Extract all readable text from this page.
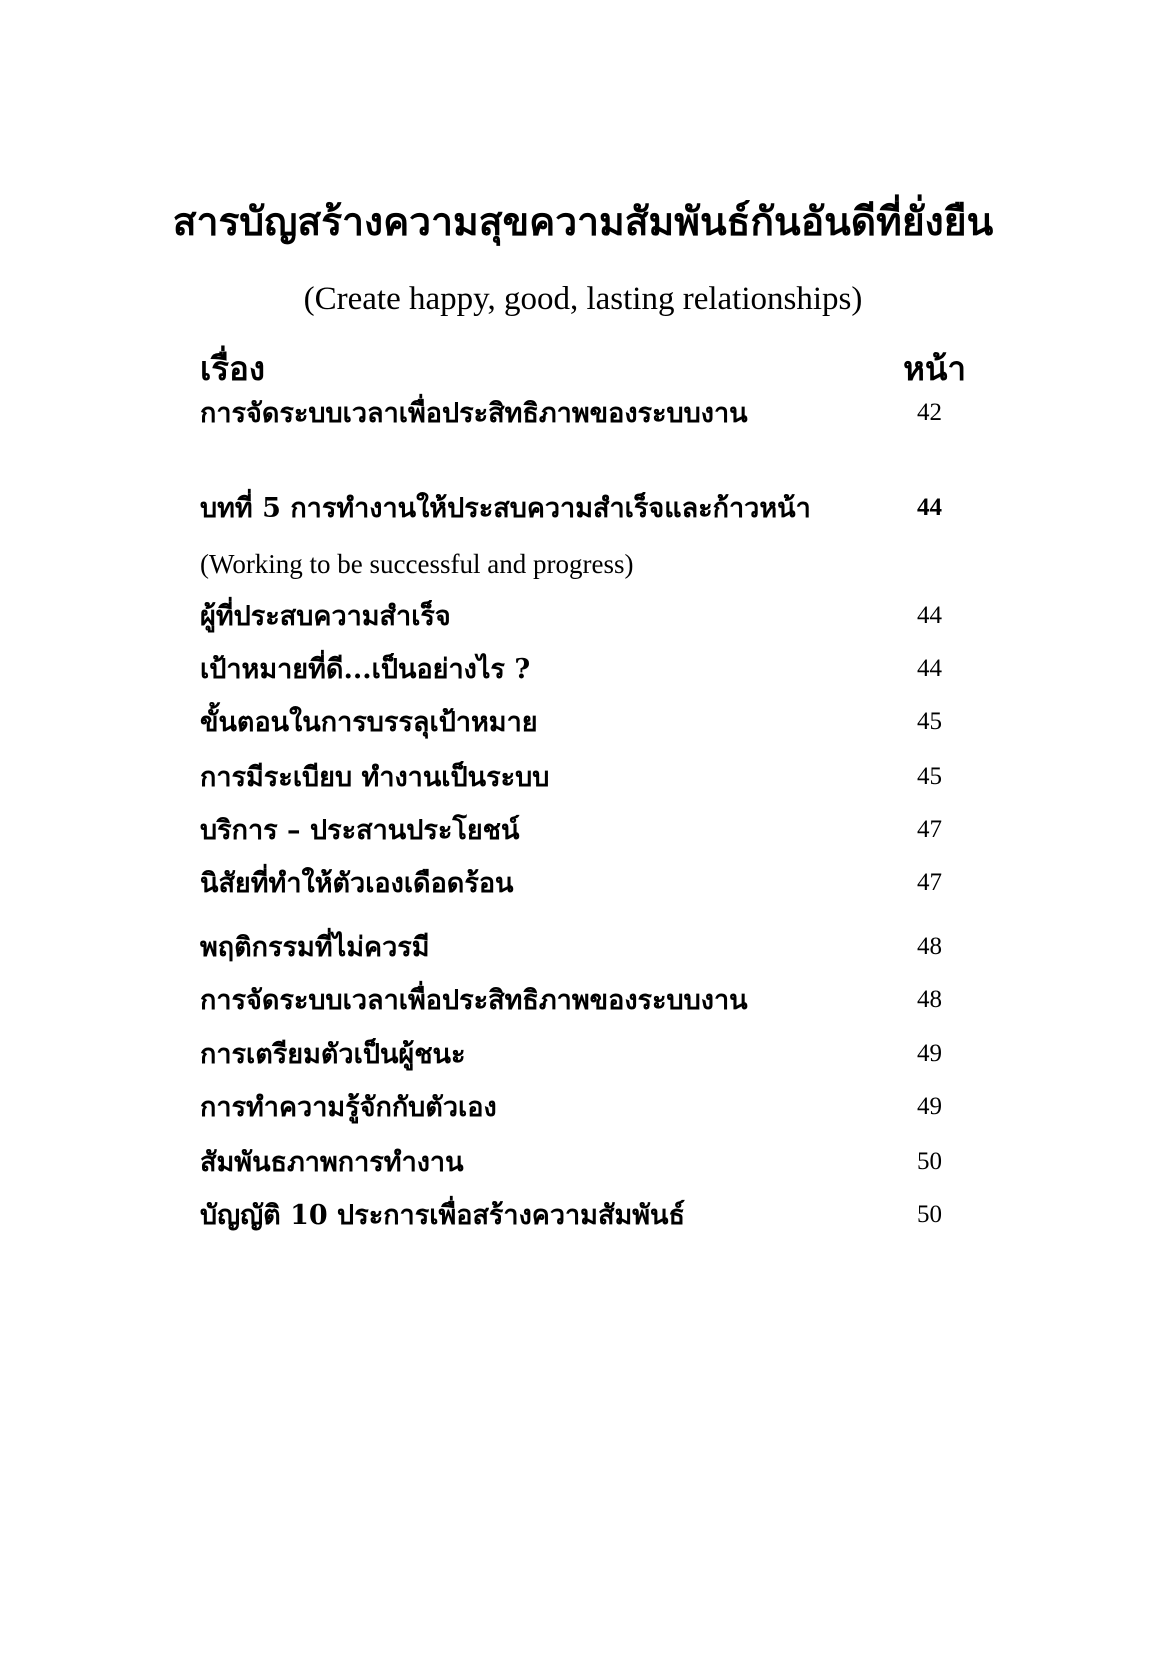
สารบัญสร้างความสุขความสัมพันธ์กันอันดีที่ยั่งยืน
(Create happy, good, lasting relationships)
เรื่อง	หน้า
การจัดระบบเวลาเพื่อประสิทธิภาพของระบบงาน	42
บทที่ 5 การทำงานให้ประสบความสำเร็จและก้าวหน้า	44
(Working to be successful and progress)
ผู้ที่ประสบความสำเร็จ	44
เป้าหมายที่ดี...เป็นอย่างไร ?	44
ขั้นตอนในการบรรลุเป้าหมาย	45
การมีระเบียบ ทำงานเป็นระบบ	45
บริการ – ประสานประโยชน์	47
นิสัยที่ทำให้ตัวเองเดือดร้อน	47
พฤติกรรมที่ไม่ควรมี	48
การจัดระบบเวลาเพื่อประสิทธิภาพของระบบงาน	48
การเตรียมตัวเป็นผู้ชนะ	49
การทำความรู้จักกับตัวเอง	49
สัมพันธภาพการทำงาน	50
บัญญัติ 10 ประการเพื่อสร้างความสัมพันธ์	50
